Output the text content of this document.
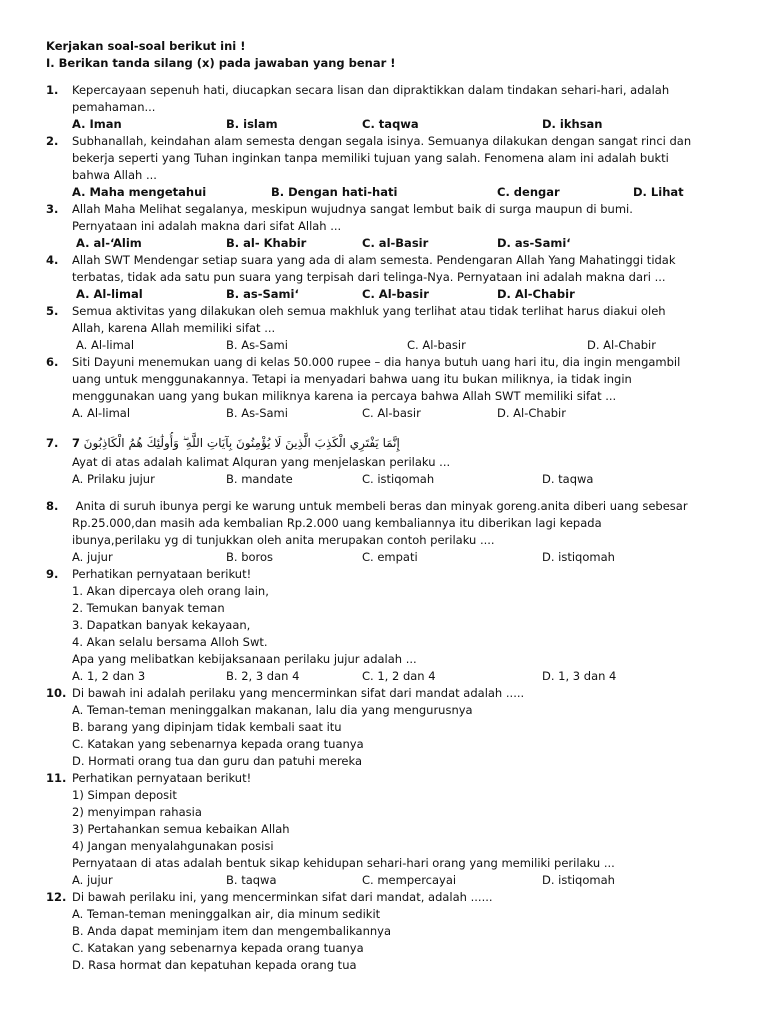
Kerjakan soal-soal berikut ini !
I. Berikan tanda silang (x) pada jawaban yang benar !
1.	Kepercayaan sepenuh hati, diucapkan secara lisan dan dipraktikkan dalam tindakan sehari-hari, adalah
pemahaman...
A. Iman	B. islam	C. taqwa	D. ikhsan
2.	Subhanallah, keindahan alam semesta dengan segala isinya. Semuanya dilakukan dengan sangat rinci dan
bekerja seperti yang Tuhan inginkan tanpa memiliki tujuan yang salah. Fenomena alam ini adalah bukti
bahwa Allah ...
A. Maha mengetahui	B. Dengan hati-hati	C. dengar	D. Lihat
3.	Allah Maha Melihat segalanya, meskipun wujudnya sangat lembut baik di surga maupun di bumi.
Pernyataan ini adalah makna dari sifat Allah ...
A. al-‘Alim	B. al- Khabir	C. al-Basir	D. as-Sami‘
4.	Allah SWT Mendengar setiap suara yang ada di alam semesta. Pendengaran Allah Yang Mahatinggi tidak
terbatas, tidak ada satu pun suara yang terpisah dari telinga-Nya. Pernyataan ini adalah makna dari ...
A. Al-limal	B. as-Sami‘	C. Al-basir	D. Al-Chabir
5.	Semua aktivitas yang dilakukan oleh semua makhluk yang terlihat atau tidak terlihat harus diakui oleh
Allah, karena Allah memiliki sifat ...
A. Al-limal	B. As-Sami	C. Al-basir	D. Al-Chabir
6.	Siti Dayuni menemukan uang di kelas 50.000 rupee – dia hanya butuh uang hari itu, dia ingin mengambil
uang untuk menggunakannya. Tetapi ia menyadari bahwa uang itu bukan miliknya, ia tidak ingin
menggunakan uang yang bukan miliknya karena ia percaya bahwa Allah SWT memiliki sifat ...
A. Al-limal	B. As-Sami	C. Al-basir	D. Al-Chabir
7.	7 إِنَّمَا يَفْتَرِي الْكَذِبَ الَّذِينَ لَا يُؤْمِنُونَ بِآيَاتِ اللَّهِ ۖ وَأُولَٰئِكَ هُمُ الْكَاذِبُونَ
Ayat di atas adalah kalimat Alquran yang menjelaskan perilaku ...
A. Prilaku jujur	B. mandate	C. istiqomah	D. taqwa
8.	Anita di suruh ibunya pergi ke warung untuk membeli beras dan minyak goreng.anita diberi uang sebesar
Rp.25.000,dan masih ada kembalian Rp.2.000 uang kembaliannya itu diberikan lagi kepada
ibunya,perilaku yg di tunjukkan oleh anita merupakan contoh perilaku ....
A. jujur	B. boros	C. empati	D. istiqomah
9.	Perhatikan pernyataan berikut!
1. Akan dipercaya oleh orang lain,
2. Temukan banyak teman
3. Dapatkan banyak kekayaan,
4. Akan selalu bersama Alloh Swt.
Apa yang melibatkan kebijaksanaan perilaku jujur adalah ...
A. 1, 2 dan 3	B. 2, 3 dan 4	C. 1, 2 dan 4	D. 1, 3 dan 4
10. Di bawah ini adalah perilaku yang mencerminkan sifat dari mandat adalah .....
A. Teman-teman meninggalkan makanan, lalu dia yang mengurusnya
B. barang yang dipinjam tidak kembali saat itu
C. Katakan yang sebenarnya kepada orang tuanya
D. Hormati orang tua dan guru dan patuhi mereka
11. Perhatikan pernyataan berikut!
1) Simpan deposit
2) menyimpan rahasia
3) Pertahankan semua kebaikan Allah
4) Jangan menyalahgunakan posisi
Pernyataan di atas adalah bentuk sikap kehidupan sehari-hari orang yang memiliki perilaku ...
A. jujur	B. taqwa	C. mempercayai	D. istiqomah
12. Di bawah perilaku ini, yang mencerminkan sifat dari mandat, adalah ......
A. Teman-teman meninggalkan air, dia minum sedikit
B. Anda dapat meminjam item dan mengembalikannya
C. Katakan yang sebenarnya kepada orang tuanya
D. Rasa hormat dan kepatuhan kepada orang tua
